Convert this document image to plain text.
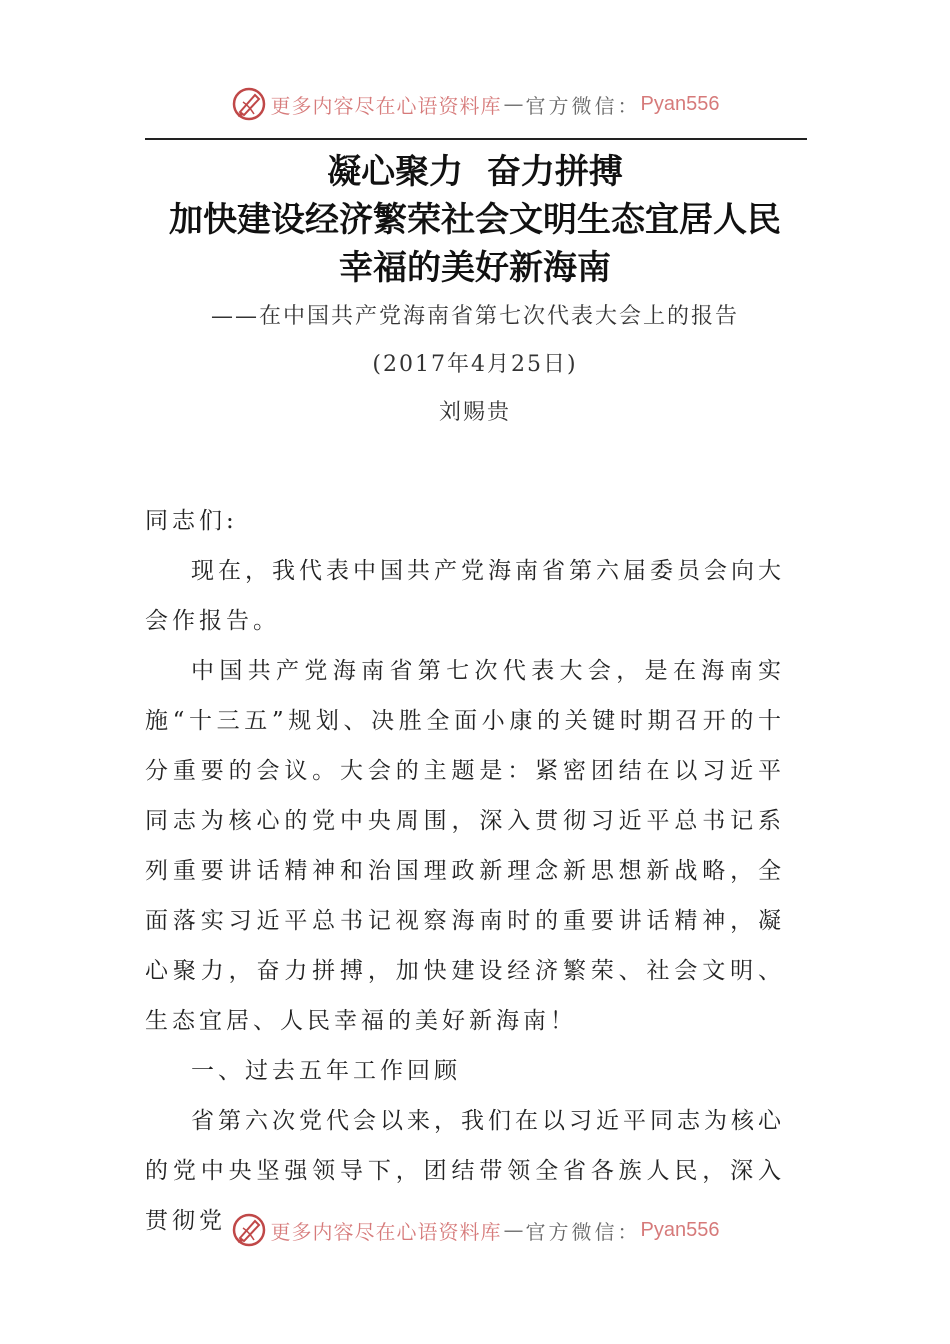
更多内容尽在心语资料库 — 官方微信： Pyan556
凝心聚力  奋力拼搏
加快建设经济繁荣社会文明生态宜居人民
幸福的美好新海南
——在中国共产党海南省第七次代表大会上的报告
(2017年4月25日)
刘赐贵

同志们:

现在，我代表中国共产党海南省第六届委员会向大会作报告。

中国共产党海南省第七次代表大会，是在海南实施“十三五”规划、决胜全面小康的关键时期召开的十分重要的会议。大会的主题是：紧密团结在以习近平同志为核心的党中央周围，深入贯彻习近平总书记系列重要讲话精神和治国理政新理念新思想新战略，全面落实习近平总书记视察海南时的重要讲话精神，凝心聚力，奋力拼搏，加快建设经济繁荣、社会文明、生态宜居、人民幸福的美好新海南！

一、过去五年工作回顾

省第六次党代会以来，我们在以习近平同志为核心的党中央坚强领导下，团结带领全省各族人民，深入贯彻党	更多内容尽在心语资料库 — 官方微信： Pyan556
